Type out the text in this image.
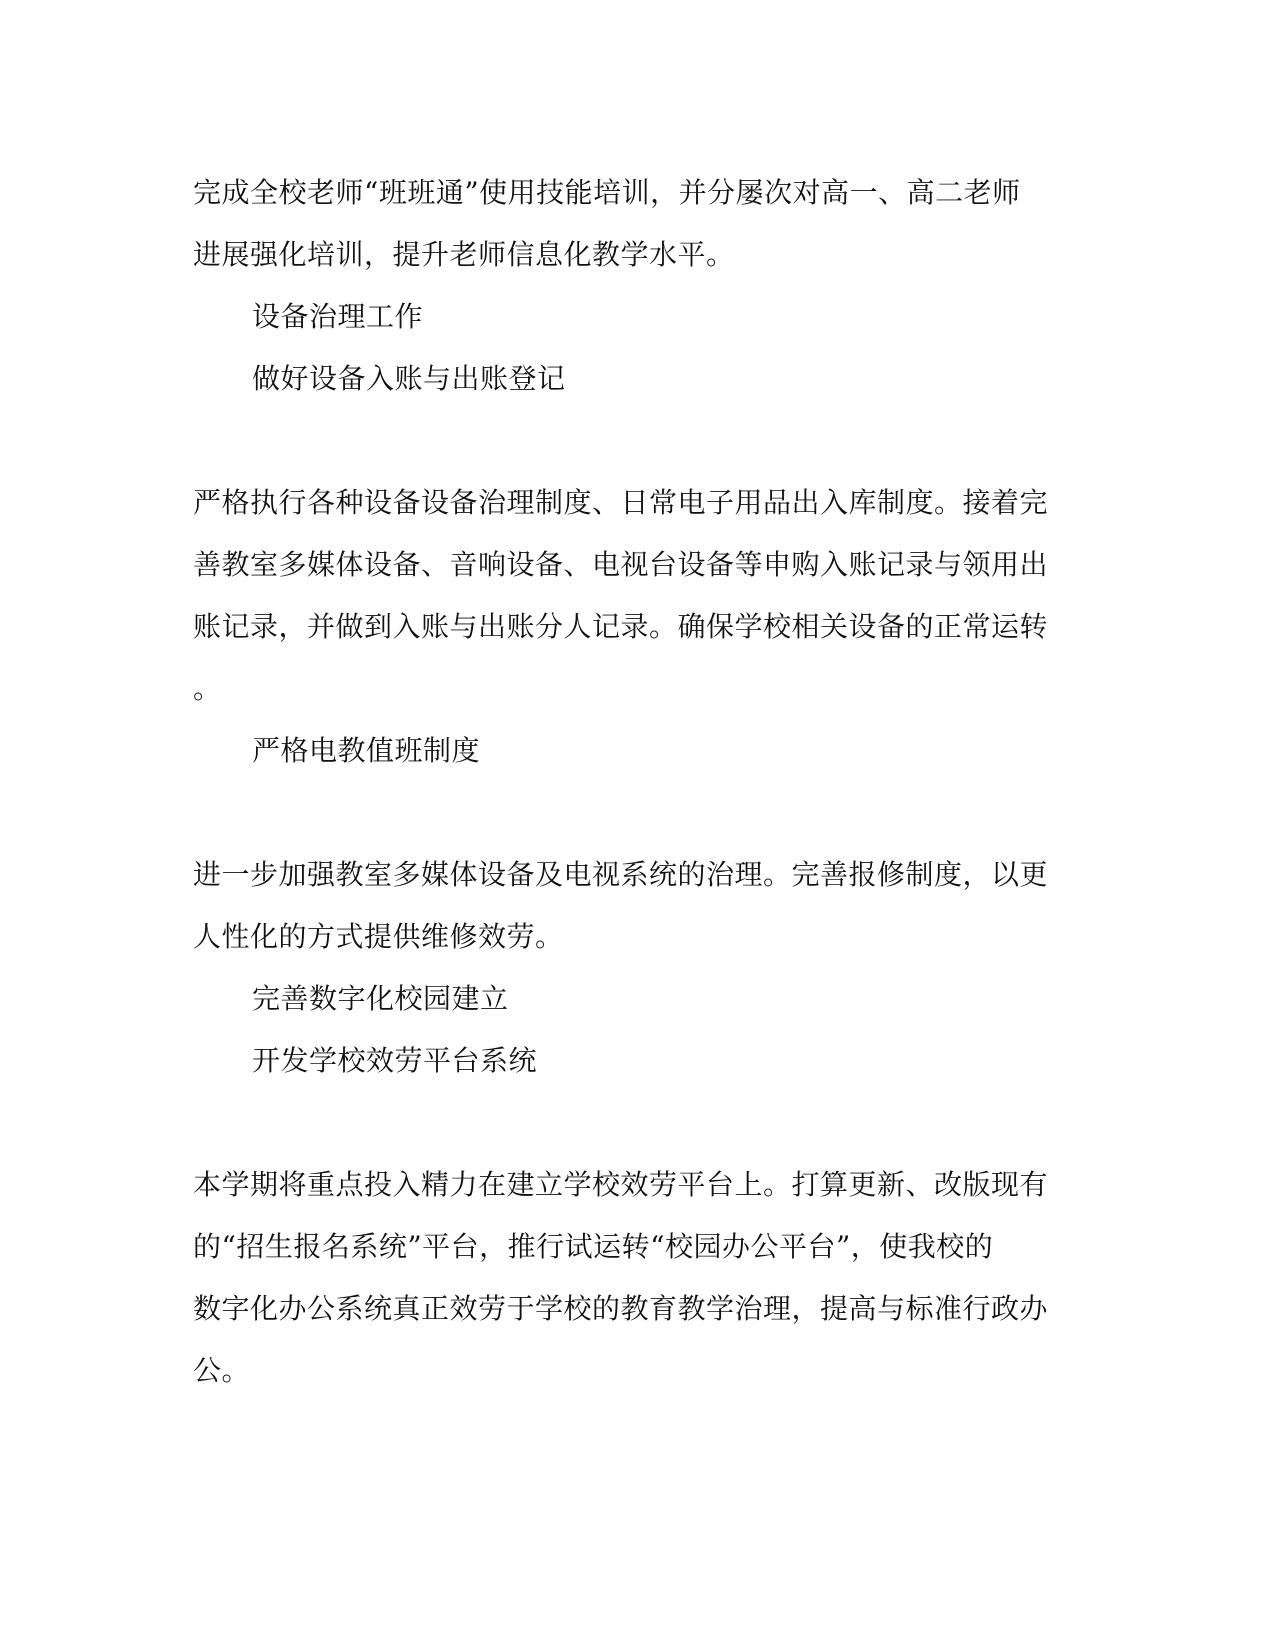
完成全校老师“班班通”使用技能培训，并分屡次对高一、高二老师
进展强化培训，提升老师信息化教学水平。
设备治理工作
做好设备入账与出账登记
严格执行各种设备设备治理制度、日常电子用品出入库制度。接着完
善教室多媒体设备、音响设备、电视台设备等申购入账记录与领用出
账记录，并做到入账与出账分人记录。确保学校相关设备的正常运转
。
严格电教值班制度
进一步加强教室多媒体设备及电视系统的治理。完善报修制度，以更
人性化的方式提供维修效劳。
完善数字化校园建立
开发学校效劳平台系统
本学期将重点投入精力在建立学校效劳平台上。打算更新、改版现有
的“招生报名系统”平台，推行试运转“校园办公平台”，使我校的
数字化办公系统真正效劳于学校的教育教学治理，提高与标准行政办
公。
